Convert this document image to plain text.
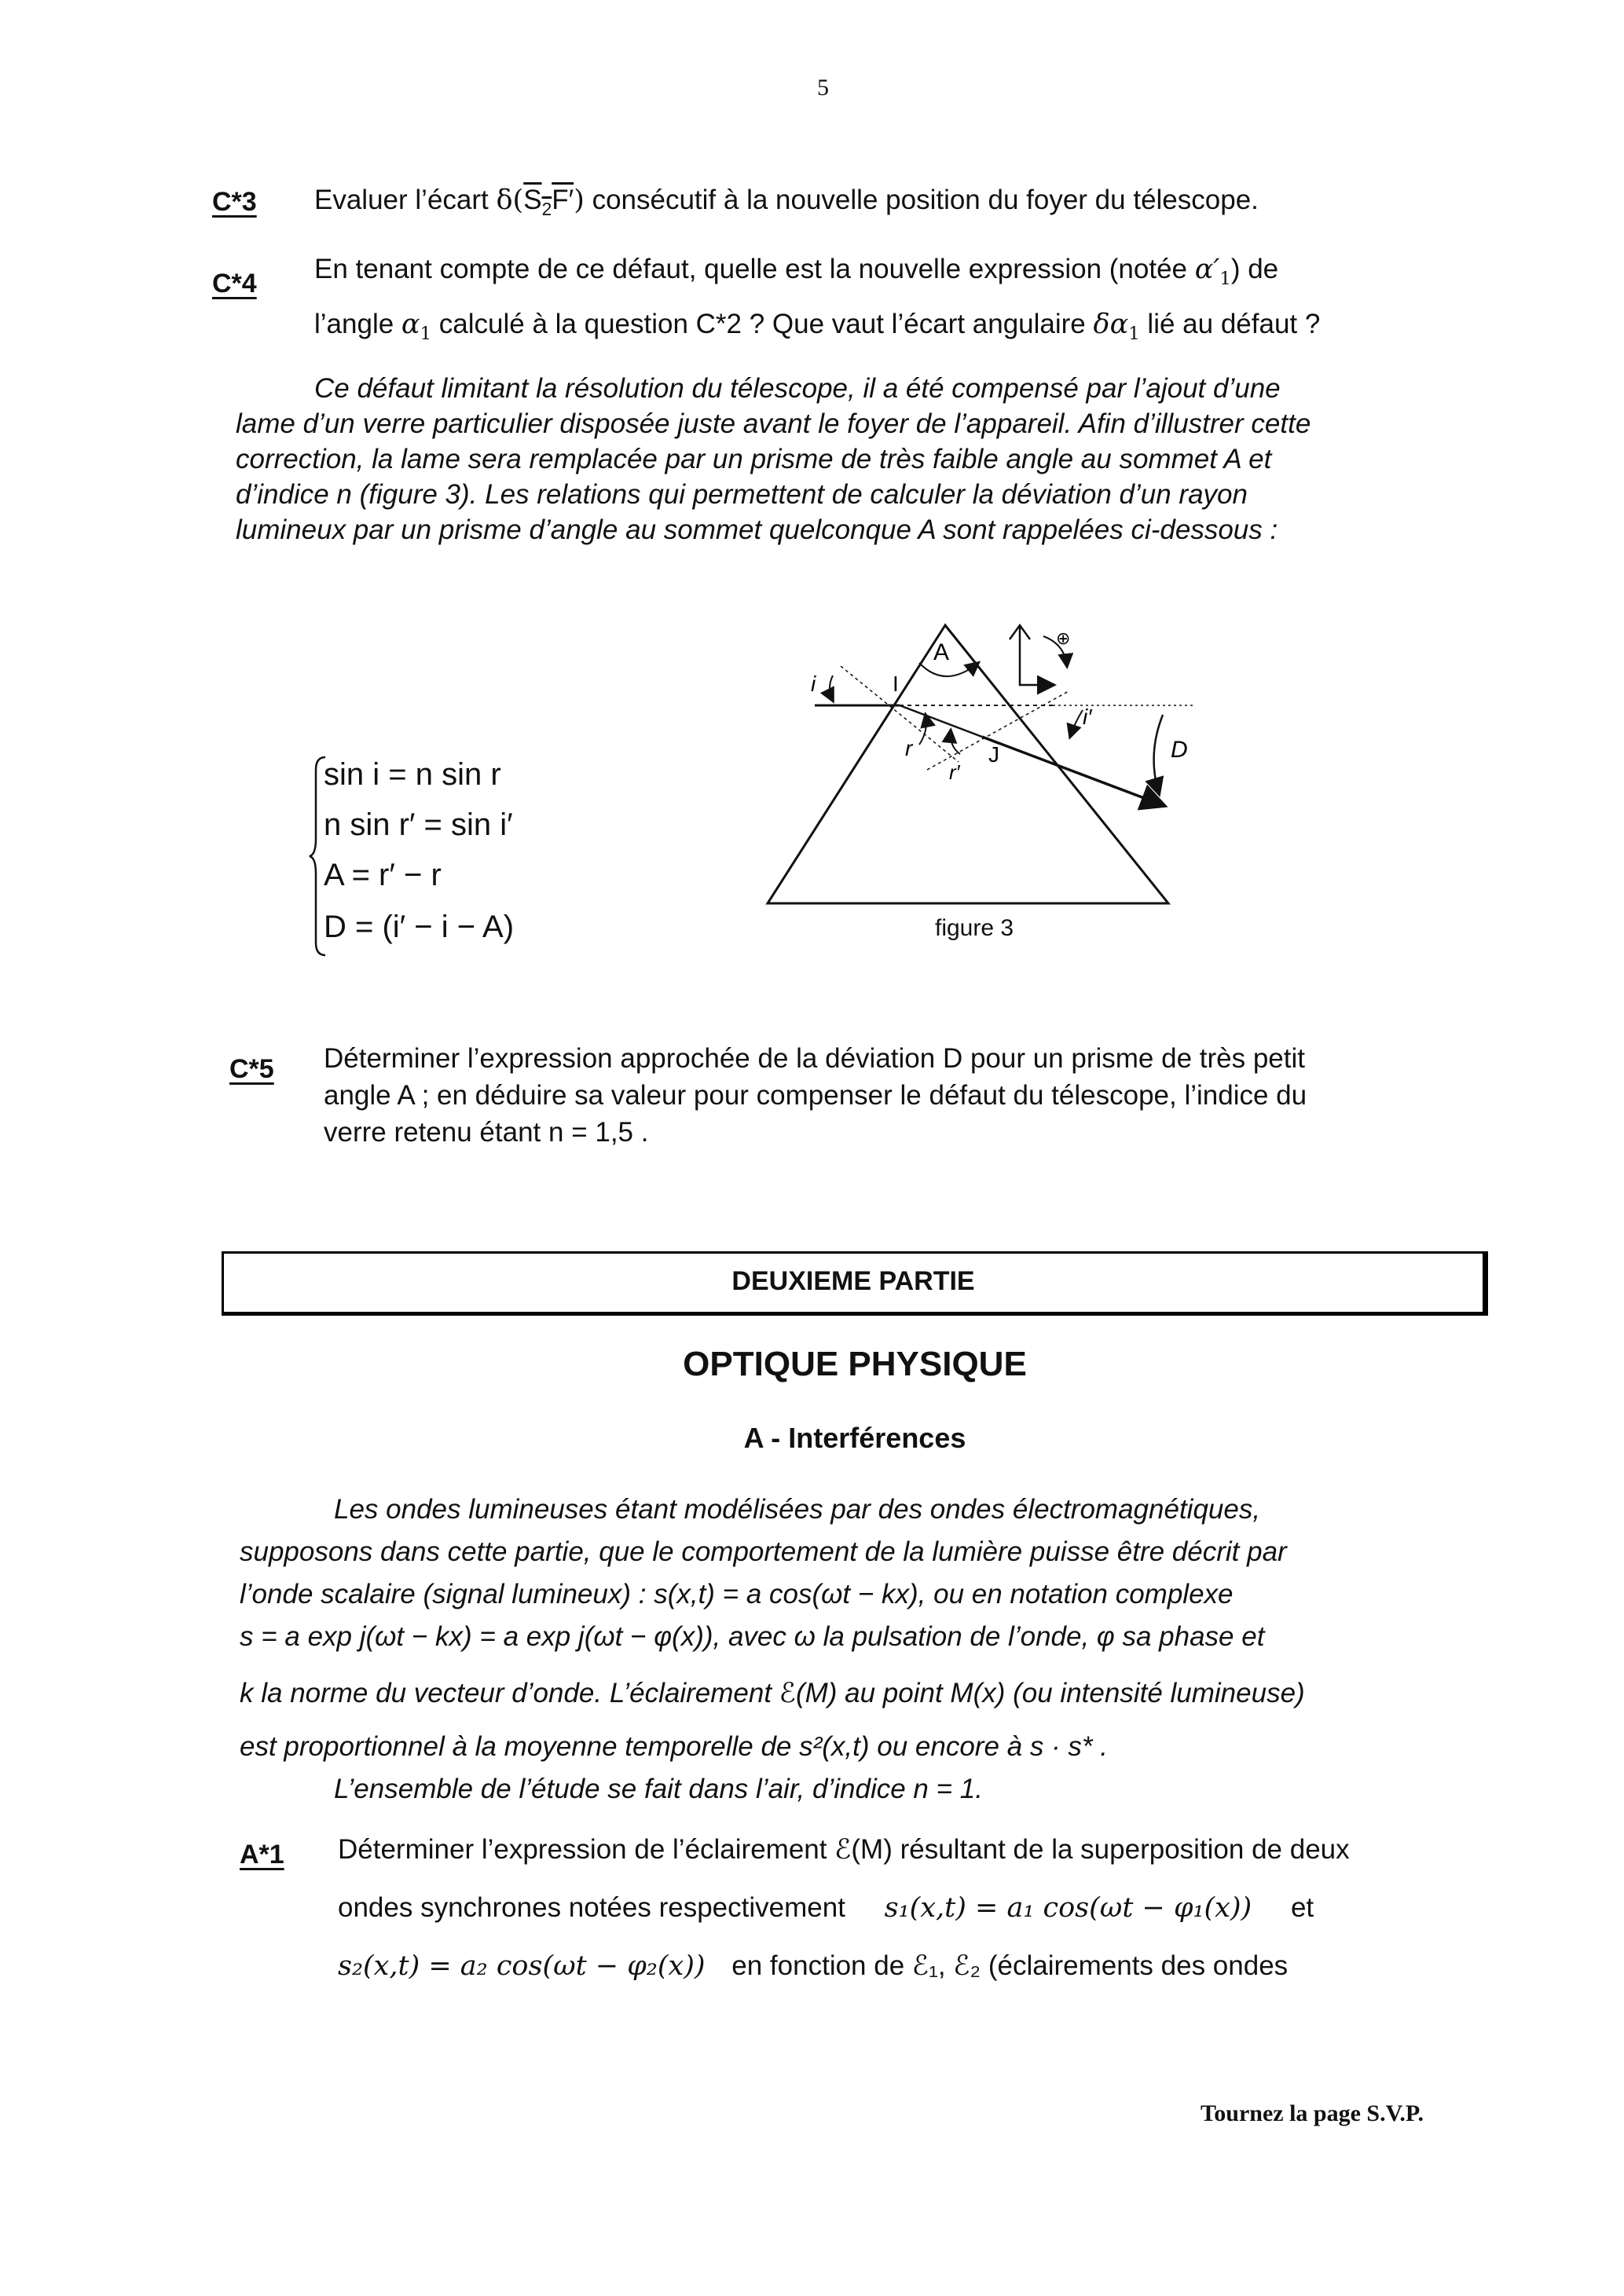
5
C*3 Evaluer l’écart $\delta(S_2F')$ consécutif à la nouvelle position du foyer du télescope.
C*4 En tenant compte de ce défaut, quelle est la nouvelle expression (notée $\alpha'_1$) de
l’angle $\alpha_1$ calculé à la question C*2 ? Que vaut l’écart angulaire $\delta\alpha_1$ lié au défaut ?

Ce défaut limitant la résolution du télescope, il a été compensé par l’ajout d’une

lame d’un verre particulier disposée juste avant le foyer de l’appareil. Afin d’illustrer cette

correction, la lame sera remplacée par un prisme de très faible angle au sommet A et

d’indice n (figure 3). Les relations qui permettent de calculer la déviation d’un rayon

lumineux par un prisme d’angle au sommet quelconque A sont rappelées ci-dessous :

sin i = n sin r
n sin r′ = sin i′
A = r′ − r
D = (i′ − i − A)
A
I
i
r
r′
J
i′
D
⊕
figure 3
C*5 Déterminer l’expression approchée de la déviation D pour un prisme de très petit
angle A ; en déduire sa valeur pour compenser le défaut du télescope, l’indice du
verre retenu étant n = 1,5 .
DEUXIEME PARTIE
OPTIQUE PHYSIQUE
A - Interférences

Les ondes lumineuses étant modélisées par des ondes électromagnétiques,

supposons dans cette partie, que le comportement de la lumière puisse être décrit par

l’onde scalaire (signal lumineux) : s(x,t) = a cos(ωt − kx), ou en notation complexe

s = a exp j(ωt − kx) = a exp j(ωt − φ(x)), avec ω la pulsation de l’onde, φ sa phase et

k la norme du vecteur d’onde. L’éclairement ℰ(M) au point M(x) (ou intensité lumineuse)

est proportionnel à la moyenne temporelle de s²(x,t) ou encore à s · s* .

L’ensemble de l’étude se fait dans l’air, d’indice n = 1.

A*1 Déterminer l’expression de l’éclairement ℰ(M) résultant de la superposition de deux
ondes synchrones notées respectivement s₁(x,t) = a₁ cos(ωt − φ₁(x)) et
s₂(x,t) = a₂ cos(ωt − φ₂(x)) en fonction de ℰ₁, ℰ₂ (éclairements des ondes
Tournez la page S.V.P.
